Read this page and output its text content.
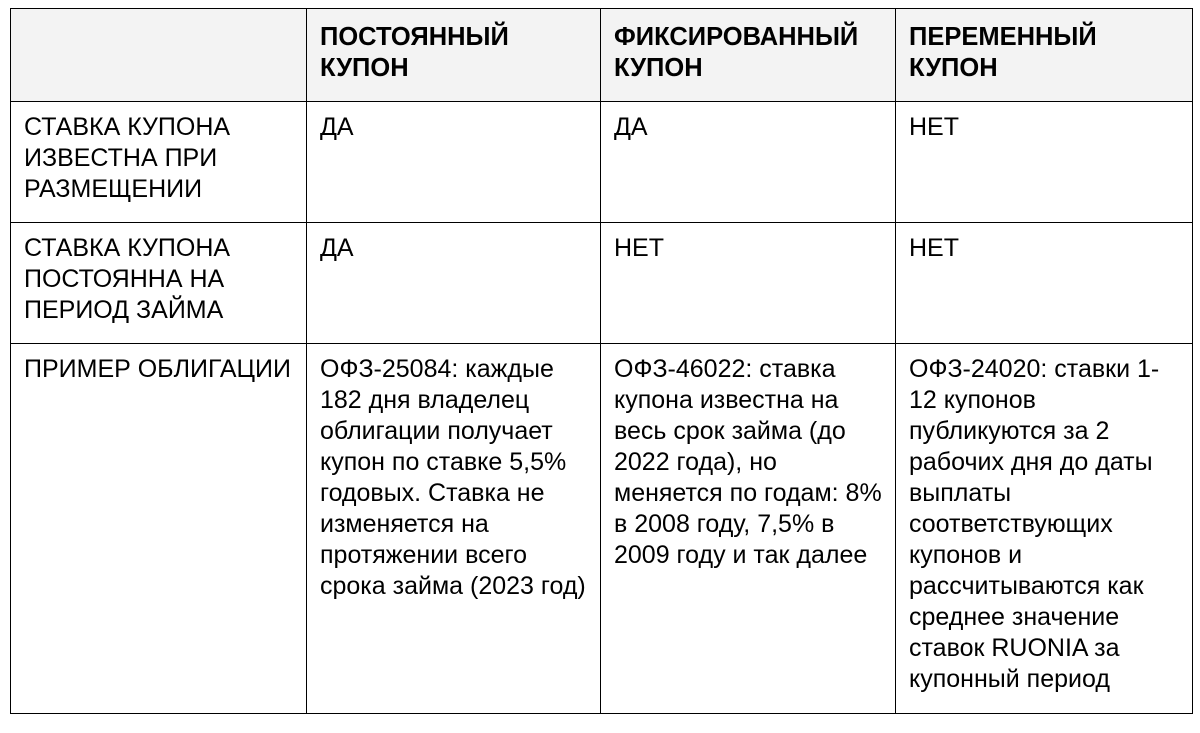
	ПОСТОЯННЫЙ КУПОН	ФИКСИРОВАННЫЙ КУПОН	ПЕРЕМЕННЫЙ КУПОН
СТАВКА КУПОНА ИЗВЕСТНА ПРИ РАЗМЕЩЕНИИ	ДА	ДА	НЕТ
СТАВКА КУПОНА ПОСТОЯННА НА ПЕРИОД ЗАЙМА	ДА	НЕТ	НЕТ
ПРИМЕР ОБЛИГАЦИИ	ОФЗ-25084: каждые 182 дня владелец облигации получает купон по ставке 5,5% годовых. Ставка не изменяется на протяжении всего срока займа (2023 год)	ОФЗ-46022: ставка купона известна на весь срок займа (до 2022 года), но меняется по годам: 8% в 2008 году, 7,5% в 2009 году и так далее	ОФЗ-24020: ставки 1-12 купонов публикуются за 2 рабочих дня до даты выплаты соответствующих купонов и рассчитываются как среднее значение ставок RUONIA за купонный период
